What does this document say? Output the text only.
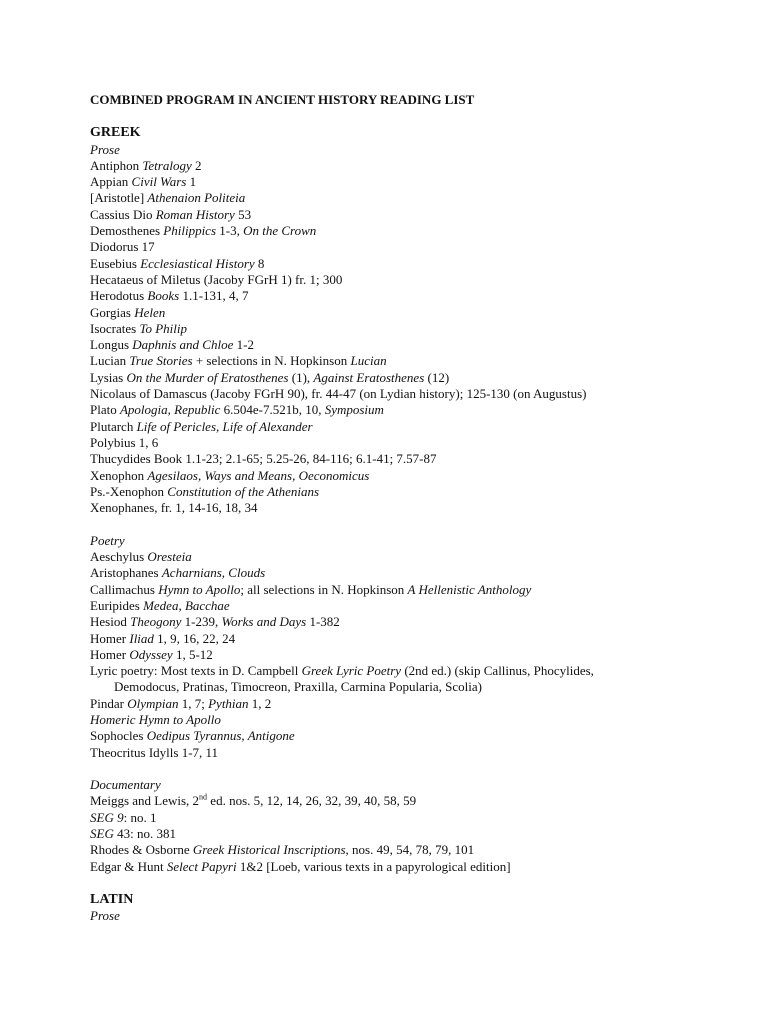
COMBINED PROGRAM IN ANCIENT HISTORY READING LIST
GREEK
Prose
Antiphon Tetralogy 2
Appian Civil Wars 1
[Aristotle] Athenaion Politeia
Cassius Dio Roman History 53
Demosthenes Philippics 1-3, On the Crown
Diodorus 17
Eusebius Ecclesiastical History 8
Hecataeus of Miletus (Jacoby FGrH 1) fr. 1; 300
Herodotus Books 1.1-131, 4, 7
Gorgias Helen
Isocrates To Philip
Longus Daphnis and Chloe 1-2
Lucian True Stories + selections in N. Hopkinson Lucian
Lysias On the Murder of Eratosthenes (1), Against Eratosthenes (12)
Nicolaus of Damascus (Jacoby FGrH 90), fr. 44-47 (on Lydian history); 125-130 (on Augustus)
Plato Apologia, Republic 6.504e-7.521b, 10, Symposium
Plutarch Life of Pericles, Life of Alexander
Polybius 1, 6
Thucydides Book 1.1-23; 2.1-65; 5.25-26, 84-116; 6.1-41; 7.57-87
Xenophon Agesilaos, Ways and Means, Oeconomicus
Ps.-Xenophon Constitution of the Athenians
Xenophanes, fr. 1, 14-16, 18, 34
Poetry
Aeschylus Oresteia
Aristophanes Acharnians, Clouds
Callimachus Hymn to Apollo; all selections in N. Hopkinson A Hellenistic Anthology
Euripides Medea, Bacchae
Hesiod Theogony 1-239, Works and Days 1-382
Homer Iliad 1, 9, 16, 22, 24
Homer Odyssey 1, 5-12
Lyric poetry: Most texts in D. Campbell Greek Lyric Poetry (2nd ed.) (skip Callinus, Phocylides,
Demodocus, Pratinas, Timocreon, Praxilla, Carmina Popularia, Scolia)
Pindar Olympian 1, 7; Pythian 1, 2
Homeric Hymn to Apollo
Sophocles Oedipus Tyrannus, Antigone
Theocritus Idylls 1-7, 11
Documentary
Meiggs and Lewis, 2nd ed. nos. 5, 12, 14, 26, 32, 39, 40, 58, 59
SEG 9: no. 1
SEG 43: no. 381
Rhodes & Osborne Greek Historical Inscriptions, nos. 49, 54, 78, 79, 101
Edgar & Hunt Select Papyri 1&2 [Loeb, various texts in a papyrological edition]
LATIN
Prose
